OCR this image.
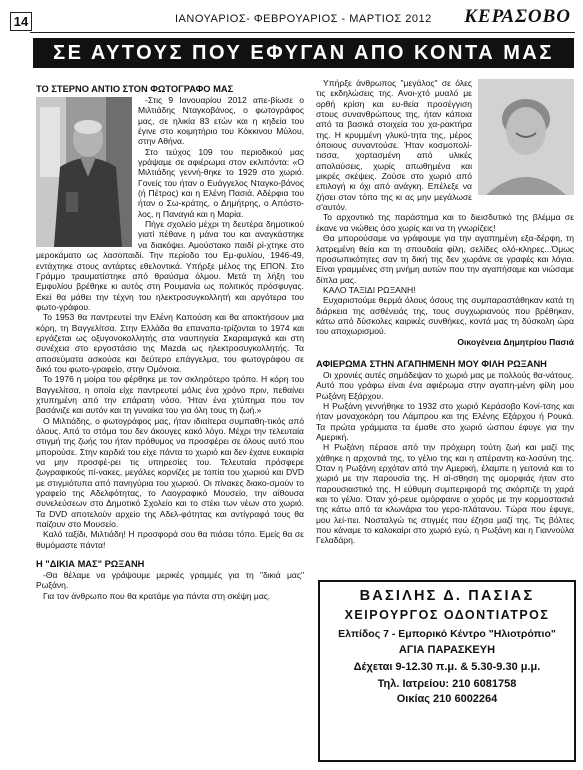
14	ΙΑΝΟΥΑΡΙΟΣ- ΦΕΒΡΟΥΑΡΙΟΣ - ΜΑΡΤΙΟΣ 2012 ΚΕΡΑΣΟΒΟ
ΣΕ ΑΥΤΟΥΣ ΠΟΥ ΕΦΥΓΑΝ ΑΠΟ ΚΟΝΤΑ ΜΑΣ
ΤΟ ΣΤΕΡΝΟ ΑΝΤΙΟ ΣΤΟΝ ΦΩΤΟΓΡΑΦΟ ΜΑΣ

-Στις 9 Ιανουαρίου 2012 απε-βίωσε ο Μιλτιάδης Νταγκοβάνος, ο φωτογράφος μας, σε ηλικία 83 ετών και η κηδεία του έγινε στο κοιμητήριο του Κόκκινου Μύλου, στην Αθήνα.

Στο τεύχος 109 του περιοδικού μας γράψαμε σε αφιέρωμα στον εκλιπόντα: «Ο Μιλτιάδης γεννή-θηκε το 1929 στο χωριό. Γονείς του ήταν ο Ευάγγελος Νταγκο-βάνος (ή Πέτρος) και η Ελένη Πασιά. Αδέρφια του ήταν ο Σω-κράτης, ο Δημήτρης, ο Απόστο-λος, η Παναγιά και η Μαρία.

Πήγε σχολείο μέχρι τη δευτέρα δημοτικού γιατί πέθανε η μάνα του και αναγκάστηκε να διακόψει. Αμούστακο παιδί ρί-χτηκε στο μεροκάματο ως λασοπαιδί. Την περίοδο του Εμ-φυλίου, 1946-49, εντάχτηκε στους αντάρτες εθελοντικά. Υπήρξε μέλος της ΕΠΟΝ. Στο Γράμμο τραυματίστηκε από θραύσμα όλμου. Μετά τη λήξη του Εμφυλίου βρέθηκε κι αυτός στη Ρουμανία ως πολιτικός πρόσφυγας. Εκεί θα μάθει την τέχνη του ηλεκτροσυγκολλητή και αργότερα του φωτο-γράφου.

Το 1953 θα παντρευτεί την Ελένη Καπούση και θα αποκτήσουν μια κόρη, τη Βαγγελίτσα. Στην Ελλάδα θα επαναπα-τρίζονται το 1974 και εργάζεται ως οξυγονοκολλητής στα ναυπηγεία Σκαραμαγκά και στη συνέχεια στο εργοστάσιο της Mazda ως ηλεκτροσυγκολλητής. Τα αποσεύματα ασκούσε και δεύτερο επάγγελμα, του φωτογράφου σε δικό του φωτο-γραφείο, στην Ομόνοια.

Το 1976 η μοίρα του φέρθηκε με τον σκληρότερο τρόπο. Η κόρη του Βαγγελίτσα, η οποία είχε παντρευτεί μόλις ένα χρόνο πριν, πεθαίνει χτυπημένη από την επάρατη νόσο. Ήταν ένα χτύπημα που τον βασάνιζε και αυτόν και τη γυναίκα του για όλη τους τη ζωή.»

Ο Μιλτιάδης, ο φωτογράφος μας, ήταν ιδιαίτερα συμπαθη-τικός από όλους. Από το στόμα του δεν άκουγες κακό λόγο. Μέχρι την τελευταία στιγμή της ζωής του ήταν πρόθυμος να προσφέρει σε όλους αυτό που μπορούσε. Στην καρδιά του είχε πάντα το χωριό και δεν έχανε ευκαιρία να μην προσφέ-ρει τις υπηρεσίες του. Τελευταία πρόσφερε ζωγραφικούς πί-νακες, μεγάλες κορνίζες με τοπία του χωριού και DVD με στιγμιότυπα από πανηγύρια του χωριού. Οι πίνακες διακο-σμούν το γραφείο της Αδελφότητας, το Λαογραφικό Μουσείο, την αίθουσα συνελεύσεων στο Δημοτικό Σχολείο και το στέκι των νέων στο χωριό. Τα DVD αποτελούν αρχείο της Αδελ-φότητας και αντίγραφά τους θα παίζουν στο Μουσείο.

Καλό ταξίδι, Μιλτιάδη! Η προσφορά σου θα πιάσει τόπο. Εμείς θα σε θυμόμαστε πάντα!

Η "ΔΙΚΙΑ ΜΑΣ" ΡΩΞΑΝΗ

-Θα θέλαμε να γράψουμε μερικές γραμμές για τη "δικιά μας" Ρωξάνη.

Για τον άνθρωπο που θα κρατάμε για πάντα στη σκέψη μας.

Υπήρξε άνθρωπος "μεγάλος" σε όλες τις εκδηλώσεις της. Ανοι-χτό μυαλό με ορθή κρίση και ευ-θεία προσέγγιση στους συνανθρώπους της, ήταν κάποια από τα βασικά στοιχεία του χα-ρακτήρα της. Η κρυμμένη γλυκύ-τητα της, μέρος όποιους συναντούσε. Ήταν κοσμοπολί-τισσα, χορτασμένη από υλικές απολαύσεις, χωρίς απωθημένα και μικρές σκέψεις. Ζούσε στο χωριό από επιλογή κι όχι από ανάγκη. Επέλεξε να ζήσει στον τόπο της κι ας μην μεγάλωσε σ'αυτόν.

Το αρχοντικό της παράστημα και το διεισδυτικό της βλέμμα σε έκανε να νιώθεις όσο χωρίς και να τη γνωρίζεις!

Θα μπορούσαμε να γράφουμε για την αγαπημένη εξα-δέρφη, τη λατρεμένη θεία και τη σπουδαία φίλη, σελίδες ολό-κληρες...Όμως προσωπικότητες σαν τη δική της δεν χωράνε σε γραφές και λόγια. Είναι γραμμένες στη μνήμη αυτών που την αγαπήσαμε και νιώσαμε δίπλα μας.

ΚΑΛΟ ΤΑΞΙΔΙ ΡΩΞΑΝΗ!

Ευχαριστούμε θερμά όλους όσους της συμπαραστάθηκαν κατά τη διάρκεια της ασθένειάς της, τους συγχωριανούς που βρέθηκαν, κάτω από δύσκολες καιρικές συνθήκες, κοντά μας τη δύσκολη ώρα του αποχωρισμού.

Οικογένεια Δημητρίου Πασιά
ΑΦΙΕΡΩΜΑ ΣΤΗΝ ΑΓΑΠΗΜΕΝΗ ΜΟΥ ΦΙΛΗ ΡΩΞΑΝΗ

Οι χρονιές αυτές σημάδεψαν το χωριό μας με πολλούς θα-νάτους. Αυτό που γράφω είναι ένα αφιέρωμα στην αγαπη-μένη φίλη μου Ρωξάνη Εξάρχου.

Η Ρωξάνη γεννήθηκε το 1932 στο χωριό Κεράσοβο Κονί-τσης και ήταν μοναχοκόρη του Λάμπρου και της Ελένης Εξάρχου ή Ρουκά. Τα πρώτα γράμματα τα έμαθε στο χωριό ώσπου έφυγε για την Αμερική.

Η Ρωξάνη πέρασε από την πρόχειρη τούτη ζωή και μαζί της χάθηκε η αρχοντιά της, το γέλιο της και η απέραντη κα-λοσύνη της. Όταν η Ρωξάνη ερχόταν από την Αμερική, έλαμπε η γειτονιά και το χωριό με την παρουσία της. Η αί-σθηση της ομορφιάς ήταν στο παρουσιαστικό της. Η εύθυμη συμπεριφορά της σκόρπιζε τη χαρά και το γέλιο. Όταν χό-ρευε ομόρφαινε ο χορός με την κορμοστασιά της κάτω από τα κλωνάρια του γερο-πλάτανου. Τώρα που έφυγε, μου λεί-πει. Νοσταλγώ τις στιγμές που έζησα μαζί της. Τις βόλτες που κάναμε το καλοκαίρι στο χωριό εγώ, η Ρωξάνη και η Γιαννούλα Γελαδάρη.

ΒΑΣΙΛΗΣ Δ. ΠΑΣΙΑΣ
ΧΕΙΡΟΥΡΓΟΣ ΟΔΟΝΤΙΑΤΡΟΣ
Ελπίδος 7 - Εμπορικό Κέντρο "Ηλιοτρόπιο"
ΑΓΙΑ ΠΑΡΑΣΚΕΥΗ
Δέχεται 9-12.30 π.μ. & 5.30-9.30 μ.μ.
Τηλ. Ιατρείου: 210 6081758
Οικίας 210 6002264
